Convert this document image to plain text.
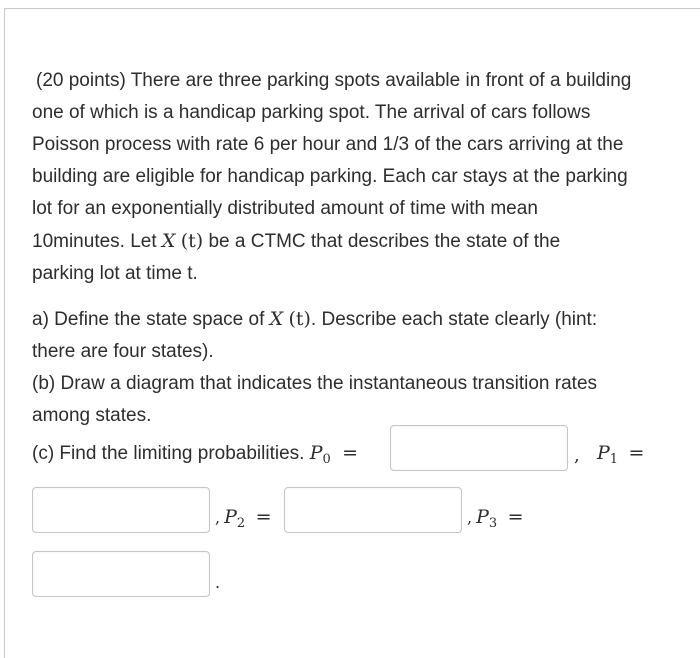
(20 points) There are three parking spots available in front of a building

one of which is a handicap parking spot. The arrival of cars follows

Poisson process with rate 6 per hour and 1/3 of the cars arriving at the

building are eligible for handicap parking. Each car stays at the parking

lot for an exponentially distributed amount of time with mean

10minutes. Let X (t) be a CTMC that describes the state of the

parking lot at time t.

a) Define the state space of X (t). Describe each state clearly (hint:

there are four states).

(b) Draw a diagram that indicates the instantaneous transition rates

among states.

(c) Find the limiting probabilities. $P_0$ =	, $P_1$ =
, $P_2$ =	, $P_3$ =
.
